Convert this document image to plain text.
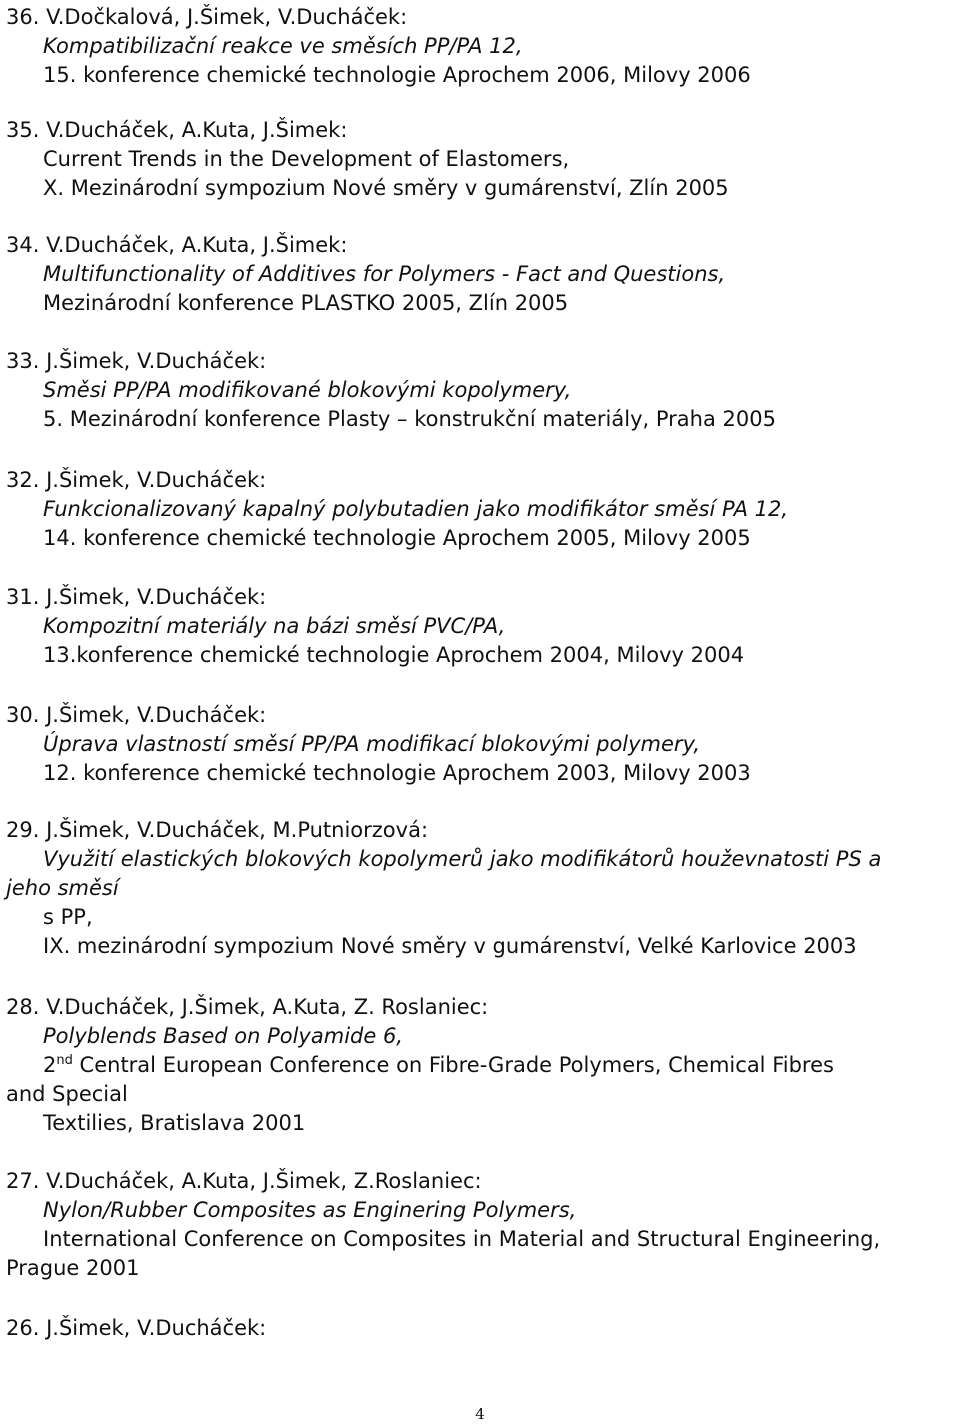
36. V.Dočkalová, J.Šimek, V.Ducháček:
Kompatibilizační reakce ve směsích PP/PA 12,
15. konference chemické technologie Aprochem 2006, Milovy 2006
35. V.Ducháček, A.Kuta, J.Šimek:
Current Trends in the Development of Elastomers,
X. Mezinárodní sympozium Nové směry v gumárenství, Zlín 2005
34. V.Ducháček, A.Kuta, J.Šimek:
Multifunctionality of Additives for Polymers - Fact and Questions,
Mezinárodní konference PLASTKO 2005, Zlín 2005
33. J.Šimek, V.Ducháček:
Směsi PP/PA modifikované blokovými kopolymery,
5. Mezinárodní konference Plasty – konstrukční materiály, Praha 2005
32. J.Šimek, V.Ducháček:
Funkcionalizovaný kapalný polybutadien jako modifikátor směsí PA 12,
14. konference chemické technologie Aprochem 2005, Milovy 2005
31. J.Šimek, V.Ducháček:
Kompozitní materiály na bázi směsí PVC/PA,
13.konference chemické technologie Aprochem 2004, Milovy 2004
30. J.Šimek, V.Ducháček:
Úprava vlastností směsí PP/PA modifikací blokovými polymery,
12. konference chemické technologie Aprochem 2003, Milovy 2003
29. J.Šimek, V.Ducháček, M.Putniorzová:
Využití elastických blokových kopolymerů jako modifikátorů houževnatosti PS a
jeho směsí
s PP,
IX. mezinárodní sympozium Nové směry v gumárenství, Velké Karlovice 2003
28. V.Ducháček, J.Šimek, A.Kuta, Z. Roslaniec:
Polyblends Based on Polyamide 6,
2nd Central European Conference on Fibre-Grade Polymers, Chemical Fibres
and Special
Textilies, Bratislava 2001
27. V.Ducháček, A.Kuta, J.Šimek, Z.Roslaniec:
Nylon/Rubber Composites as Enginering Polymers,
International Conference on Composites in Material and Structural Engineering,
Prague 2001
26. J.Šimek, V.Ducháček:
4
